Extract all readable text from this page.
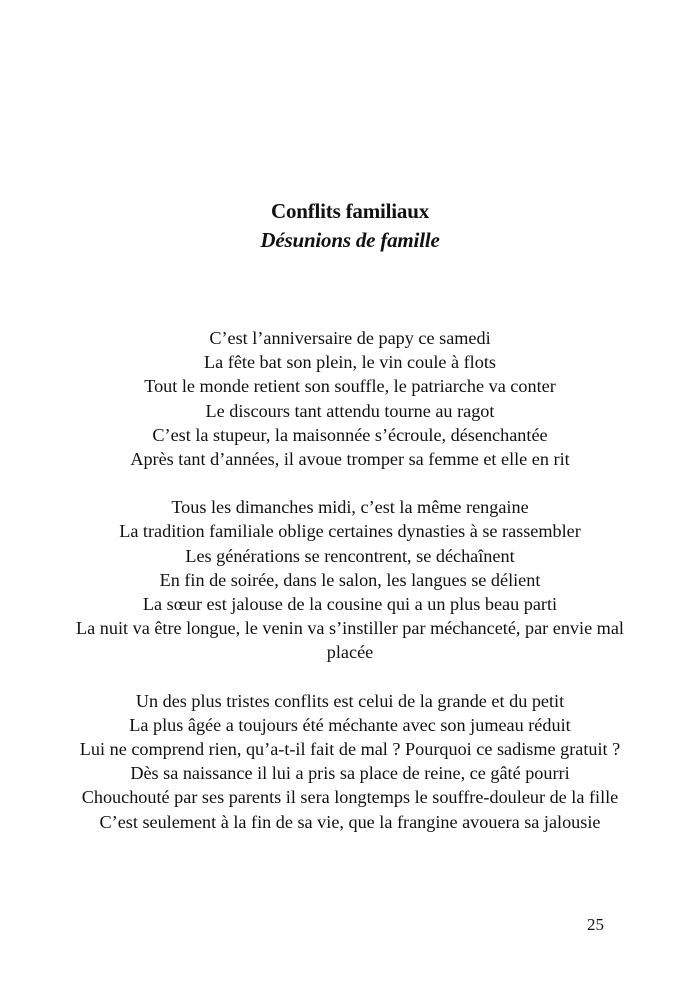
Conflits familiaux

Désunions de famille

C’est l’anniversaire de papy ce samedi
La fête bat son plein, le vin coule à flots
Tout le monde retient son souffle, le patriarche va conter
Le discours tant attendu tourne au ragot
C’est la stupeur, la maisonnée s’écroule, désenchantée
Après tant d’années, il avoue tromper sa femme et elle en rit
Tous les dimanches midi, c’est la même rengaine
La tradition familiale oblige certaines dynasties à se rassembler
Les générations se rencontrent, se déchaînent
En fin de soirée, dans le salon, les langues se délient
La sœur est jalouse de la cousine qui a un plus beau parti
La nuit va être longue, le venin va s’instiller par méchanceté, par envie mal placée
Un des plus tristes conflits est celui de la grande et du petit
La plus âgée a toujours été méchante avec son jumeau réduit
Lui ne comprend rien, qu’a-t-il fait de mal ? Pourquoi ce sadisme gratuit ?
Dès sa naissance il lui a pris sa place de reine, ce gâté pourri
Chouchouté par ses parents il sera longtemps le souffre-douleur de la fille
C’est seulement à la fin de sa vie, que la frangine avouera sa jalousie
25
